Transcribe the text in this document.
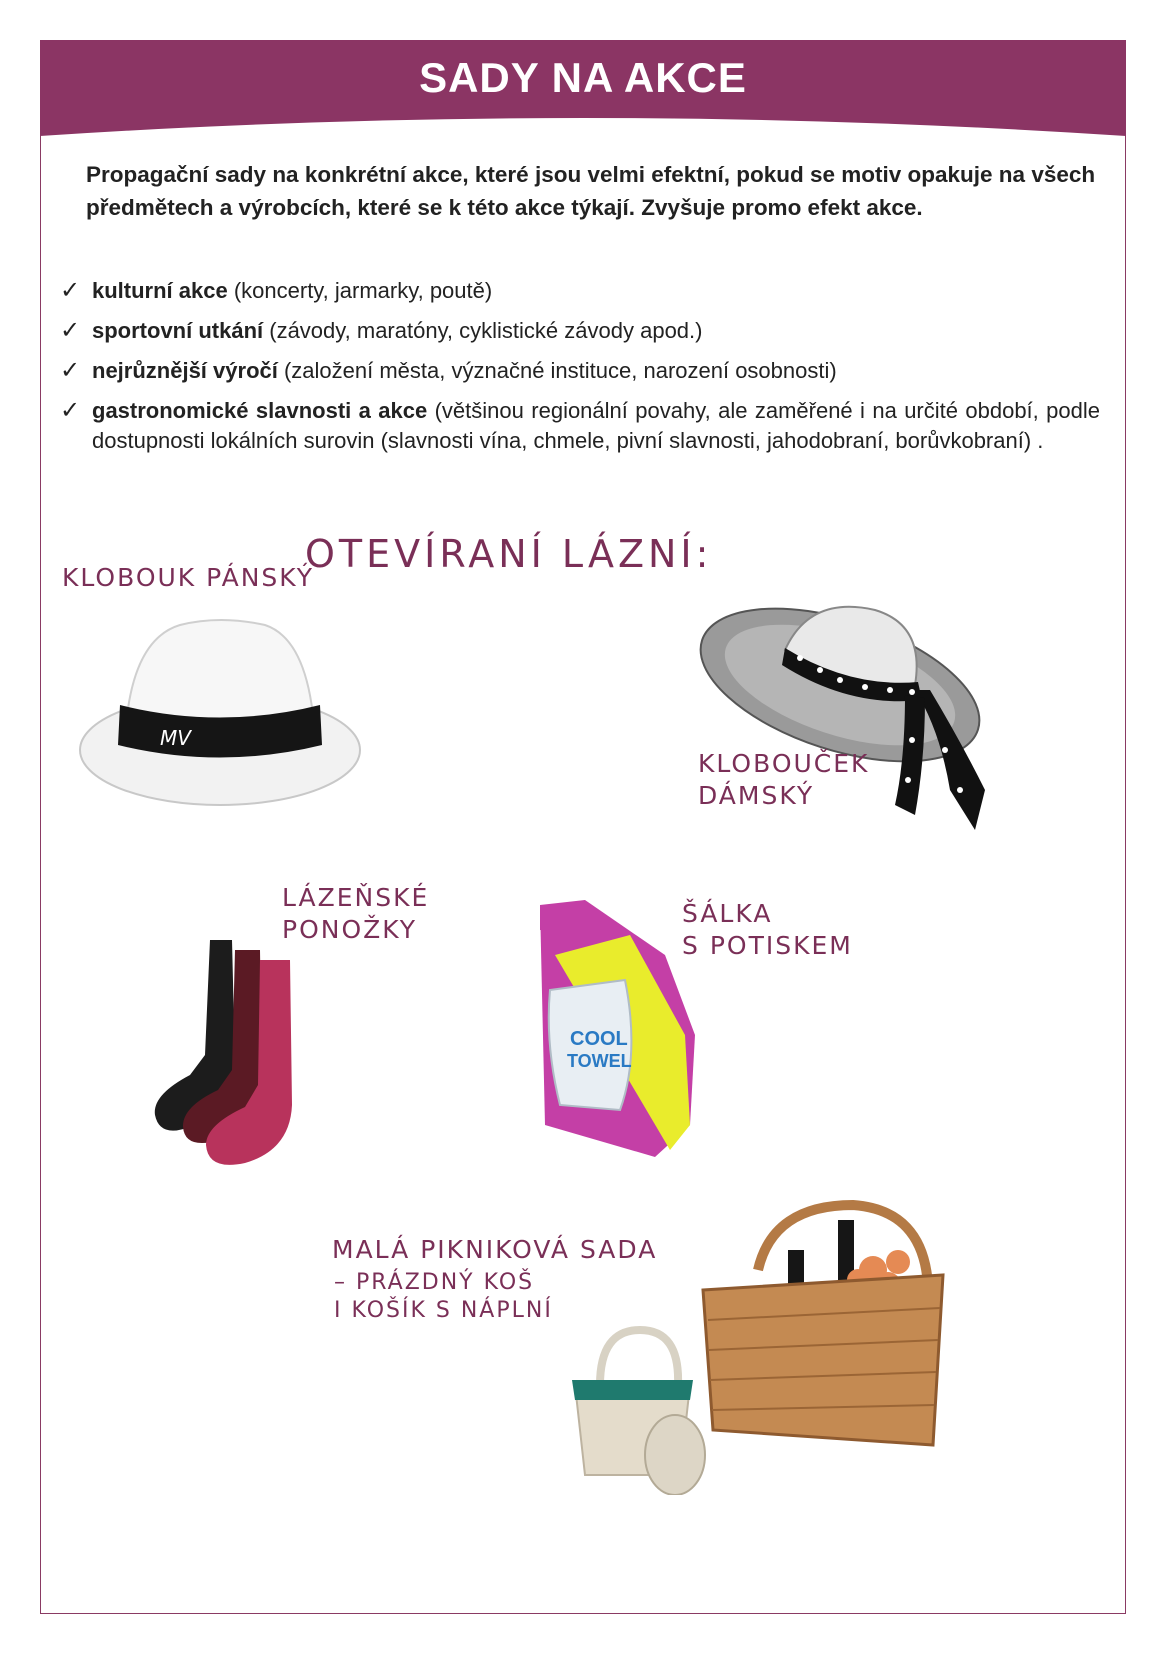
SADY NA AKCE
Propagační sady na konkrétní akce, které jsou velmi efektní, pokud se motiv opakuje na všech předmětech a výrobcích, které se k této akce týkají. Zvyšuje promo efekt akce.
✓ kulturní akce (koncerty, jarmarky, poutě)
✓ sportovní utkání (závody, maratóny, cyklistické závody apod.)
✓ nejrůznější výročí (založení města, význačné instituce, narození osobnosti)
✓ gastronomické slavnosti a akce (většinou regionální povahy, ale zaměřené i na určité období, podle dostupnosti lokálních surovin (slavnosti vína, chmele, pivní slavnosti, jahodobraní, borůvkobraní) .
OTEVÍRANÍ LÁZNÍ:
KLOBOUK PÁNSKÝ
MV
KLOBOUČEK
DÁMSKÝ
LÁZEŇSKÉ
PONOŽKY
ŠÁLKA
S POTISKEM
COOL
TOWEL
MALÁ PIKNIKOVÁ SADA
– PRÁZDNÝ KOŠ
I KOŠÍK S NÁPLNÍ
